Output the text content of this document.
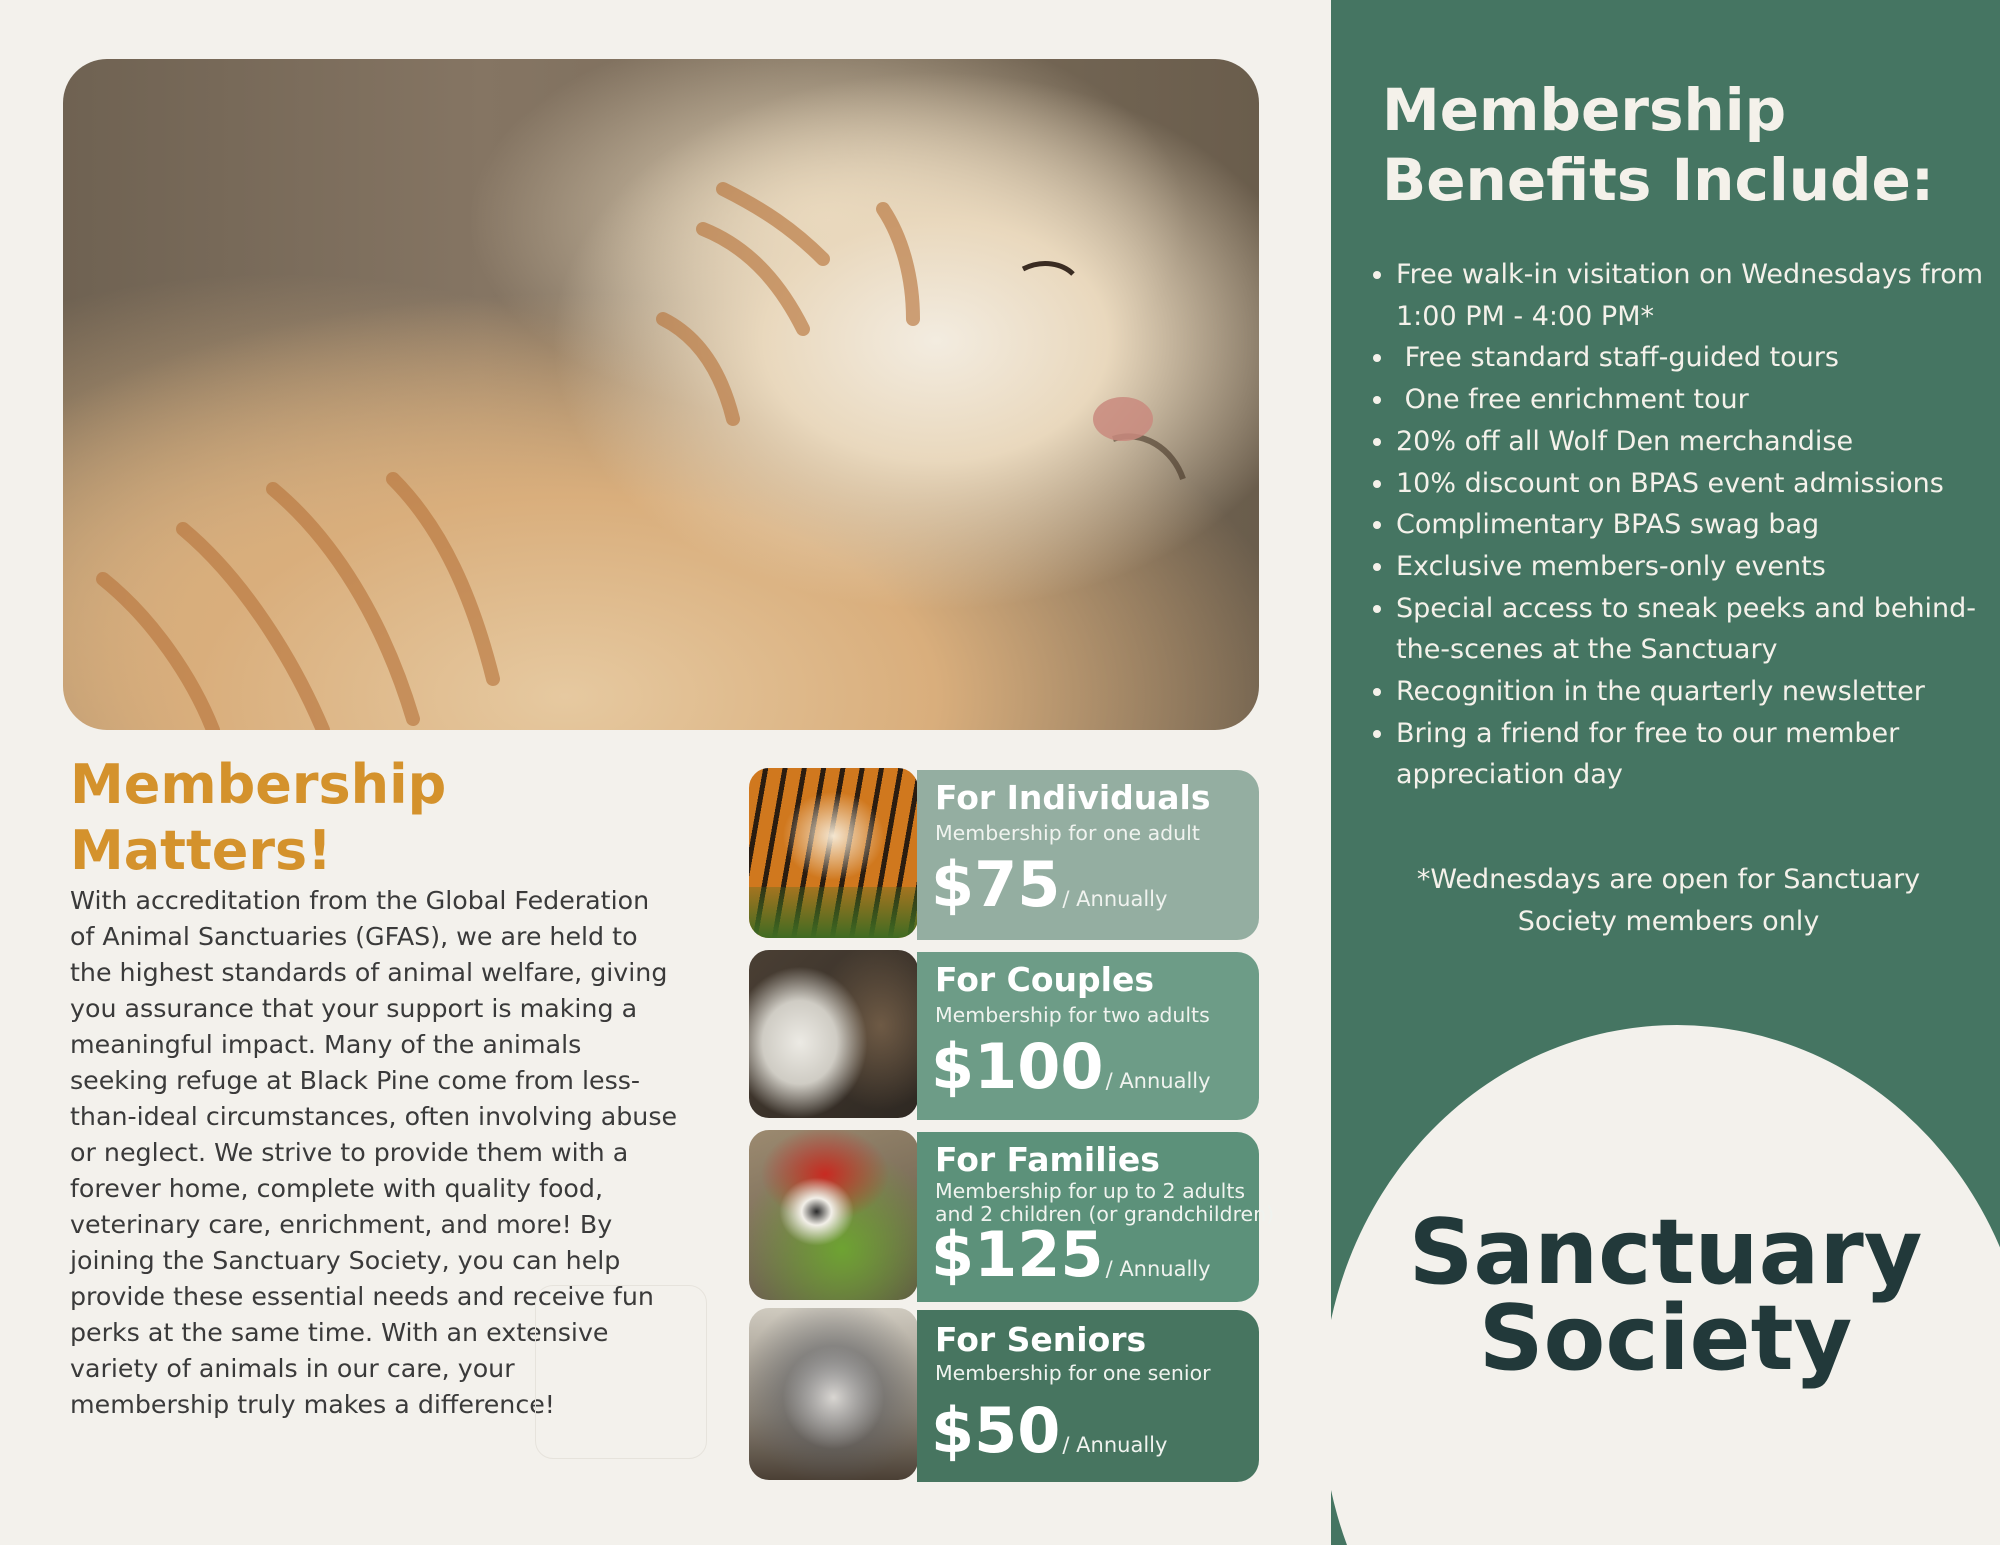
Membership Matters!

With accreditation from the Global Federation of Animal Sanctuaries (GFAS), we are held to the highest standards of animal welfare, giving you assurance that your support is making a meaningful impact. Many of the animals seeking refuge at Black Pine come from less-than-ideal circumstances, often involving abuse or neglect. We strive to provide them with a forever home, complete with quality food, veterinary care, enrichment, and more! By joining the Sanctuary Society, you can help provide these essential needs and receive fun perks at the same time. With an extensive variety of animals in our care, your membership truly makes a difference!

For Individuals

Membership for one adult

$75/ Annually

For Couples

Membership for two adults

$100/ Annually

For Families

Membership for up to 2 adults
and 2 children (or grandchildren)

$125/ Annually

For Seniors

Membership for one senior

$50/ Annually

Membership Benefits Include:
• Free walk-in visitation on Wednesdays from 1:00 PM - 4:00 PM*
•  Free standard staff-guided tours
•  One free enrichment tour
• 20% off all Wolf Den merchandise
• 10% discount on BPAS event admissions
• Complimentary BPAS swag bag
• Exclusive members-only events
• Special access to sneak peeks and behind-the-scenes at the Sanctuary
• Recognition in the quarterly newsletter
• Bring a friend for free to our member appreciation day

*Wednesdays are open for Sanctuary Society members only

Sanctuary
Society
